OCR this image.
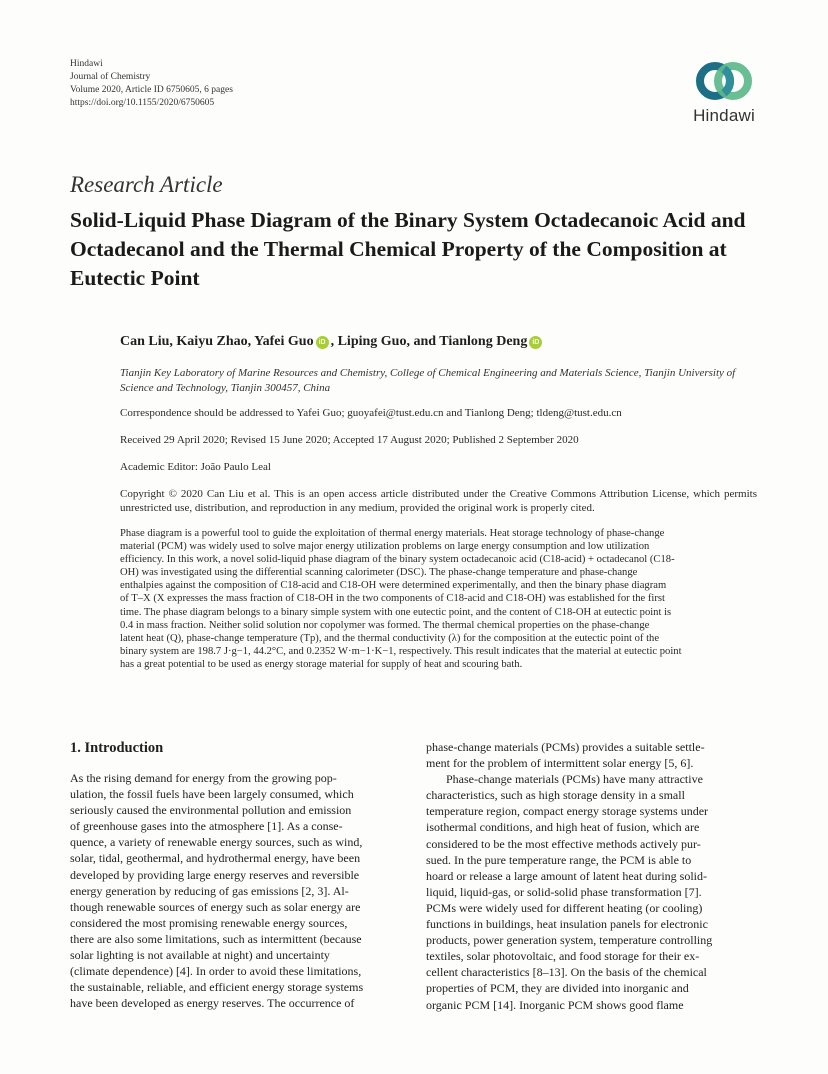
Hindawi
Journal of Chemistry
Volume 2020, Article ID 6750605, 6 pages
https://doi.org/10.1155/2020/6750605
Hindawi
Research Article
Solid-Liquid Phase Diagram of the Binary System Octadecanoic Acid and Octadecanol and the Thermal Chemical Property of the Composition at Eutectic Point
Can Liu, Kaiyu Zhao, Yafei Guo iD , Liping Guo, and Tianlong Deng iD
Tianjin Key Laboratory of Marine Resources and Chemistry, College of Chemical Engineering and Materials Science, Tianjin University of Science and Technology, Tianjin 300457, China
Correspondence should be addressed to Yafei Guo; guoyafei@tust.edu.cn and Tianlong Deng; tldeng@tust.edu.cn
Received 29 April 2020; Revised 15 June 2020; Accepted 17 August 2020; Published 2 September 2020
Academic Editor: João Paulo Leal
Copyright © 2020 Can Liu et al. This is an open access article distributed under the Creative Commons Attribution License, which permits unrestricted use, distribution, and reproduction in any medium, provided the original work is properly cited.
Phase diagram is a powerful tool to guide the exploitation of thermal energy materials. Heat storage technology of phase-change
material (PCM) was widely used to solve major energy utilization problems on large energy consumption and low utilization
efficiency. In this work, a novel solid-liquid phase diagram of the binary system octadecanoic acid (C18-acid) + octadecanol (C18-
OH) was investigated using the differential scanning calorimeter (DSC). The phase-change temperature and phase-change
enthalpies against the composition of C18-acid and C18-OH were determined experimentally, and then the binary phase diagram
of T–X (X expresses the mass fraction of C18-OH in the two components of C18-acid and C18-OH) was established for the first
time. The phase diagram belongs to a binary simple system with one eutectic point, and the content of C18-OH at eutectic point is
0.4 in mass fraction. Neither solid solution nor copolymer was formed. The thermal chemical properties on the phase-change
latent heat (Q), phase-change temperature (Tp), and the thermal conductivity (λ) for the composition at the eutectic point of the
binary system are 198.7 J·g−1, 44.2°C, and 0.2352 W·m−1·K−1, respectively. This result indicates that the material at eutectic point
has a great potential to be used as energy storage material for supply of heat and scouring bath.
1. Introduction
As the rising demand for energy from the growing pop-
ulation, the fossil fuels have been largely consumed, which
seriously caused the environmental pollution and emission
of greenhouse gases into the atmosphere [1]. As a conse-
quence, a variety of renewable energy sources, such as wind,
solar, tidal, geothermal, and hydrothermal energy, have been
developed by providing large energy reserves and reversible
energy generation by reducing of gas emissions [2, 3]. Al-
though renewable sources of energy such as solar energy are
considered the most promising renewable energy sources,
there are also some limitations, such as intermittent (because
solar lighting is not available at night) and uncertainty
(climate dependence) [4]. In order to avoid these limitations,
the sustainable, reliable, and efficient energy storage systems
have been developed as energy reserves. The occurrence of
phase-change materials (PCMs) provides a suitable settle-
ment for the problem of intermittent solar energy [5, 6].
Phase-change materials (PCMs) have many attractive
characteristics, such as high storage density in a small
temperature region, compact energy storage systems under
isothermal conditions, and high heat of fusion, which are
considered to be the most effective methods actively pur-
sued. In the pure temperature range, the PCM is able to
hoard or release a large amount of latent heat during solid-
liquid, liquid-gas, or solid-solid phase transformation [7].
PCMs were widely used for different heating (or cooling)
functions in buildings, heat insulation panels for electronic
products, power generation system, temperature controlling
textiles, solar photovoltaic, and food storage for their ex-
cellent characteristics [8–13]. On the basis of the chemical
properties of PCM, they are divided into inorganic and
organic PCM [14]. Inorganic PCM shows good flame
